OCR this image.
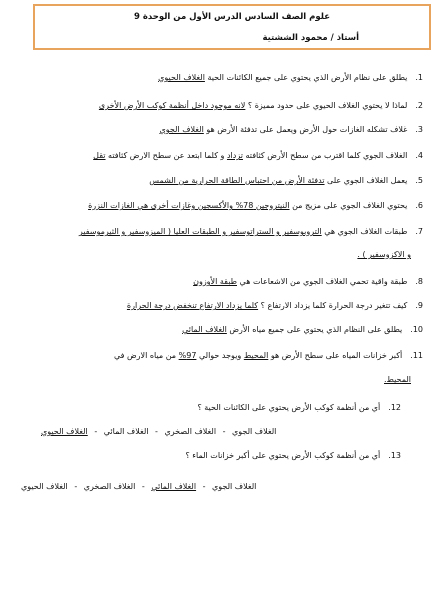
علوم الصف السادس الدرس الأول من الوحدة 9
أستاذ / محمود الششتية
1.يطلق على نظام الأرض الذي يحتوي على جميع الكائنات الحية الغلاف الحيوي
2.لماذا لا يحتوي الغلاف الحيوي على حدود مميزة ؟ لانه موجود داخل أنظمة كوكب الأرض الأخرى
3.غلاف تشكله الغازات حول الأرض ويعمل على تدفئة الأرض هو الغلاف الجوي
4.الغلاف الجوي كلما اقترب من سطح الأرض كثافته تزداد و كلما ابتعد عن سطح الارض كثافته تقل
5.يعمل الغلاف الجوي على تدفئة الأرض من احتباس الطاقة الحرارية من الشمس
6.يحتوي الغلاف الجوي على مزيج من النيتروجين 78% والأكسجين وغازات أخرى هي الغازات النزرة
7.طبقات الغلاف الجوي هي التروبوسفير و الستراتوسفير و الطبقات العليا ( الميزوسفير و الثيرموسفير
و الاكزوسفير ) .
8.طبقة واقية تحمي الغلاف الجوي من الاشعاعات هي طبقة الأوزون
9.كيف تتغير درجة الحرارة كلما يزداد الارتفاع ؟ كلما يزداد الارتفاع تنخفض درجة الحرارة
10.يطلق على النظام الذي يحتوي على جميع مياه الأرض الغلاف المائي
11.أكبر خزانات المياه على سطح الأرض هو المحيط ويوجد حوالي 97% من مياه الارض في
المحيط.
12.أي من أنظمة كوكب الأرض يحتوي على الكائنات الحية ؟
الغلاف الجوي - الغلاف الصخري - الغلاف المائي - الغلاف الحيوي
13.أي من أنظمة كوكب الأرض يحتوي على أكبر خزانات الماء ؟
الغلاف الجوي - الغلاف المائي - الغلاف الصخري - الغلاف الحيوي
